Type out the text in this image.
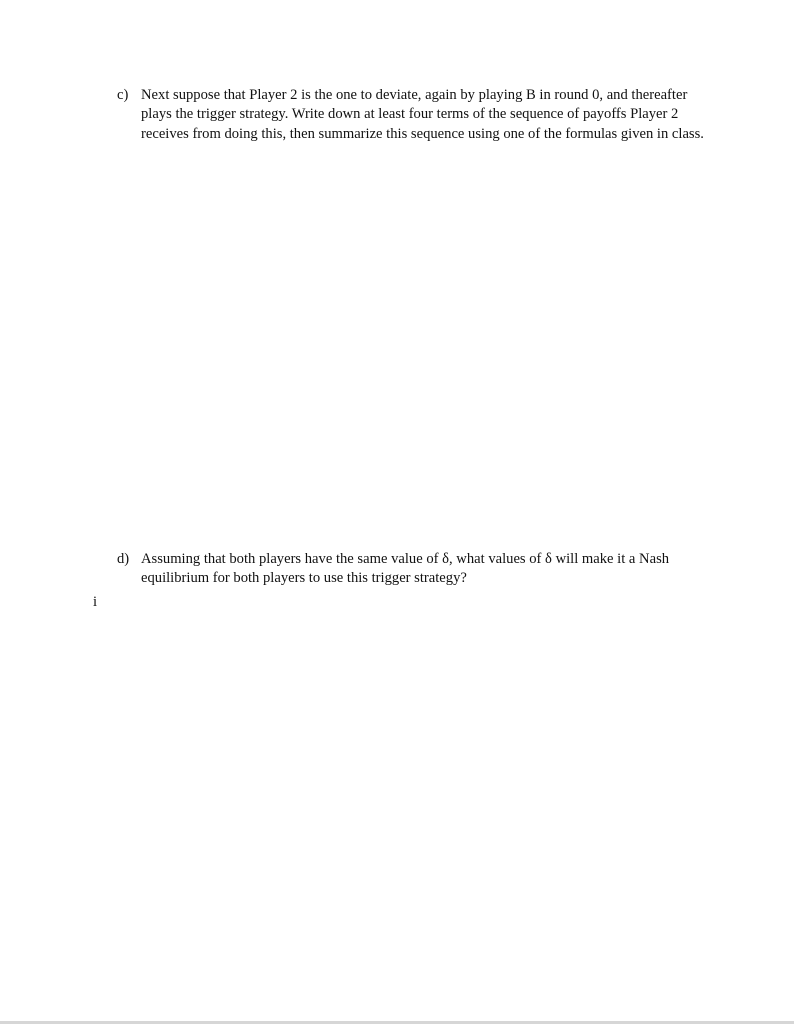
c) Next suppose that Player 2 is the one to deviate, again by playing B in round 0, and thereafter plays the trigger strategy. Write down at least four terms of the sequence of payoffs Player 2 receives from doing this, then summarize this sequence using one of the formulas given in class.
d) Assuming that both players have the same value of δ, what values of δ will make it a Nash equilibrium for both players to use this trigger strategy?
i
